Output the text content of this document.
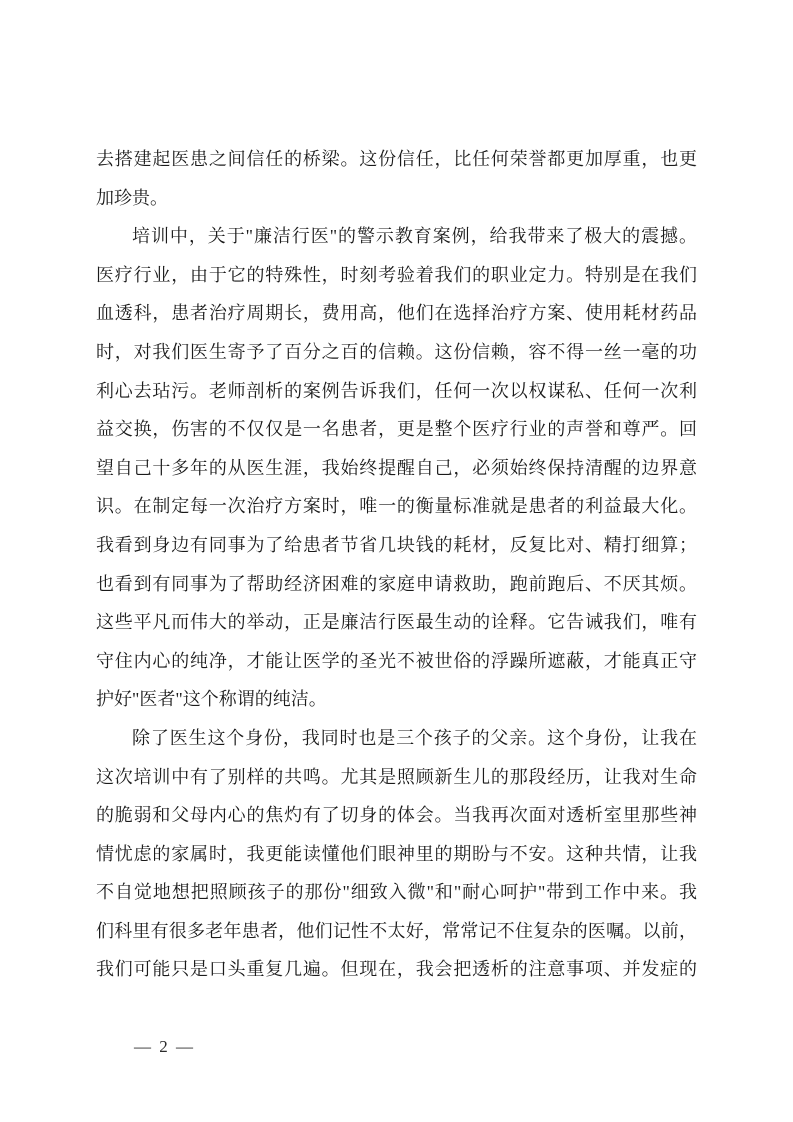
去搭建起医患之间信任的桥梁。这份信任，比任何荣誉都更加厚重，也更
加珍贵。
培训中，关于"廉洁行医"的警示教育案例，给我带来了极大的震撼。
医疗行业，由于它的特殊性，时刻考验着我们的职业定力。特别是在我们
血透科，患者治疗周期长，费用高，他们在选择治疗方案、使用耗材药品
时，对我们医生寄予了百分之百的信赖。这份信赖，容不得一丝一毫的功
利心去玷污。老师剖析的案例告诉我们，任何一次以权谋私、任何一次利
益交换，伤害的不仅仅是一名患者，更是整个医疗行业的声誉和尊严。回
望自己十多年的从医生涯，我始终提醒自己，必须始终保持清醒的边界意
识。在制定每一次治疗方案时，唯一的衡量标准就是患者的利益最大化。
我看到身边有同事为了给患者节省几块钱的耗材，反复比对、精打细算；
也看到有同事为了帮助经济困难的家庭申请救助，跑前跑后、不厌其烦。
这些平凡而伟大的举动，正是廉洁行医最生动的诠释。它告诫我们，唯有
守住内心的纯净，才能让医学的圣光不被世俗的浮躁所遮蔽，才能真正守
护好"医者"这个称谓的纯洁。
除了医生这个身份，我同时也是三个孩子的父亲。这个身份，让我在
这次培训中有了别样的共鸣。尤其是照顾新生儿的那段经历，让我对生命
的脆弱和父母内心的焦灼有了切身的体会。当我再次面对透析室里那些神
情忧虑的家属时，我更能读懂他们眼神里的期盼与不安。这种共情，让我
不自觉地想把照顾孩子的那份"细致入微"和"耐心呵护"带到工作中来。我
们科里有很多老年患者，他们记性不太好，常常记不住复杂的医嘱。以前，
我们可能只是口头重复几遍。但现在，我会把透析的注意事项、并发症的
— 2 —
